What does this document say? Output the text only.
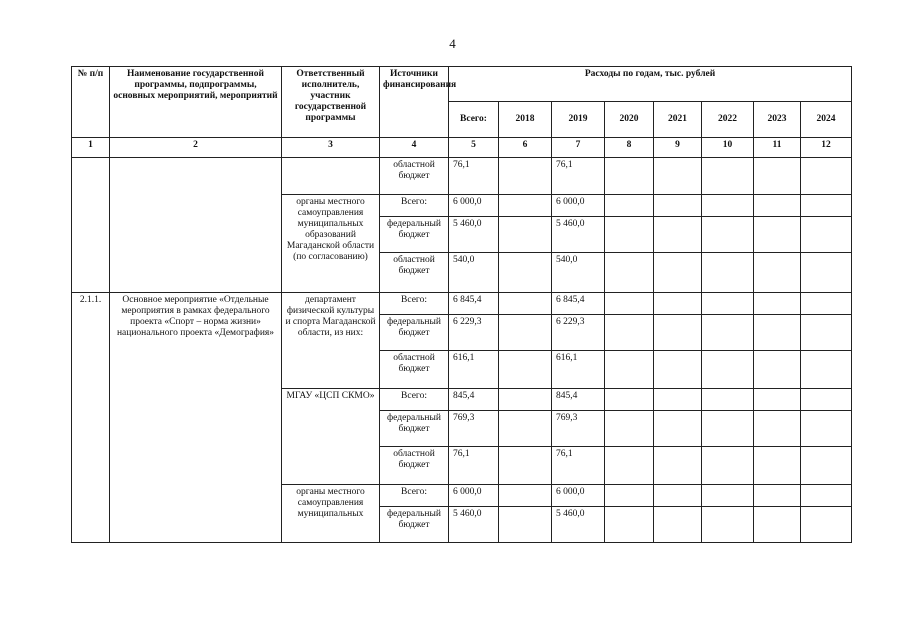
4
№ п/п	Наименование государственной программы, подпрограммы, основных мероприятий, мероприятий	Ответственный исполнитель, участник государственной программы	Источники финансирования	Расходы по годам, тыс. рублей							
				Всего:	2018	2019	2020	2021	2022	2023	2024
1	2	3	4	5	6	7	8	9	10	11	12
			областной бюджет	76,1		76,1					
		органы местного самоуправления муниципальных образований Магаданской области (по согласованию)	Всего:	6 000,0		6 000,0					
			федеральный бюджет	5 460,0		5 460,0					
			областной бюджет	540,0		540,0					
2.1.1.	Основное мероприятие «Отдельные мероприятия в рамках федерального проекта «Спорт – норма жизни» национального проекта «Демография»	департамент физической культуры и спорта Магаданской области, из них:	Всего:	6 845,4		6 845,4					
			федеральный бюджет	6 229,3		6 229,3					
			областной бюджет	616,1		616,1					
		МГАУ «ЦСП СКМО»	Всего:	845,4		845,4					
			федеральный бюджет	769,3		769,3					
			областной бюджет	76,1		76,1					
		органы местного самоуправления муниципальных	Всего:	6 000,0		6 000,0					
			федеральный бюджет	5 460,0		5 460,0					
